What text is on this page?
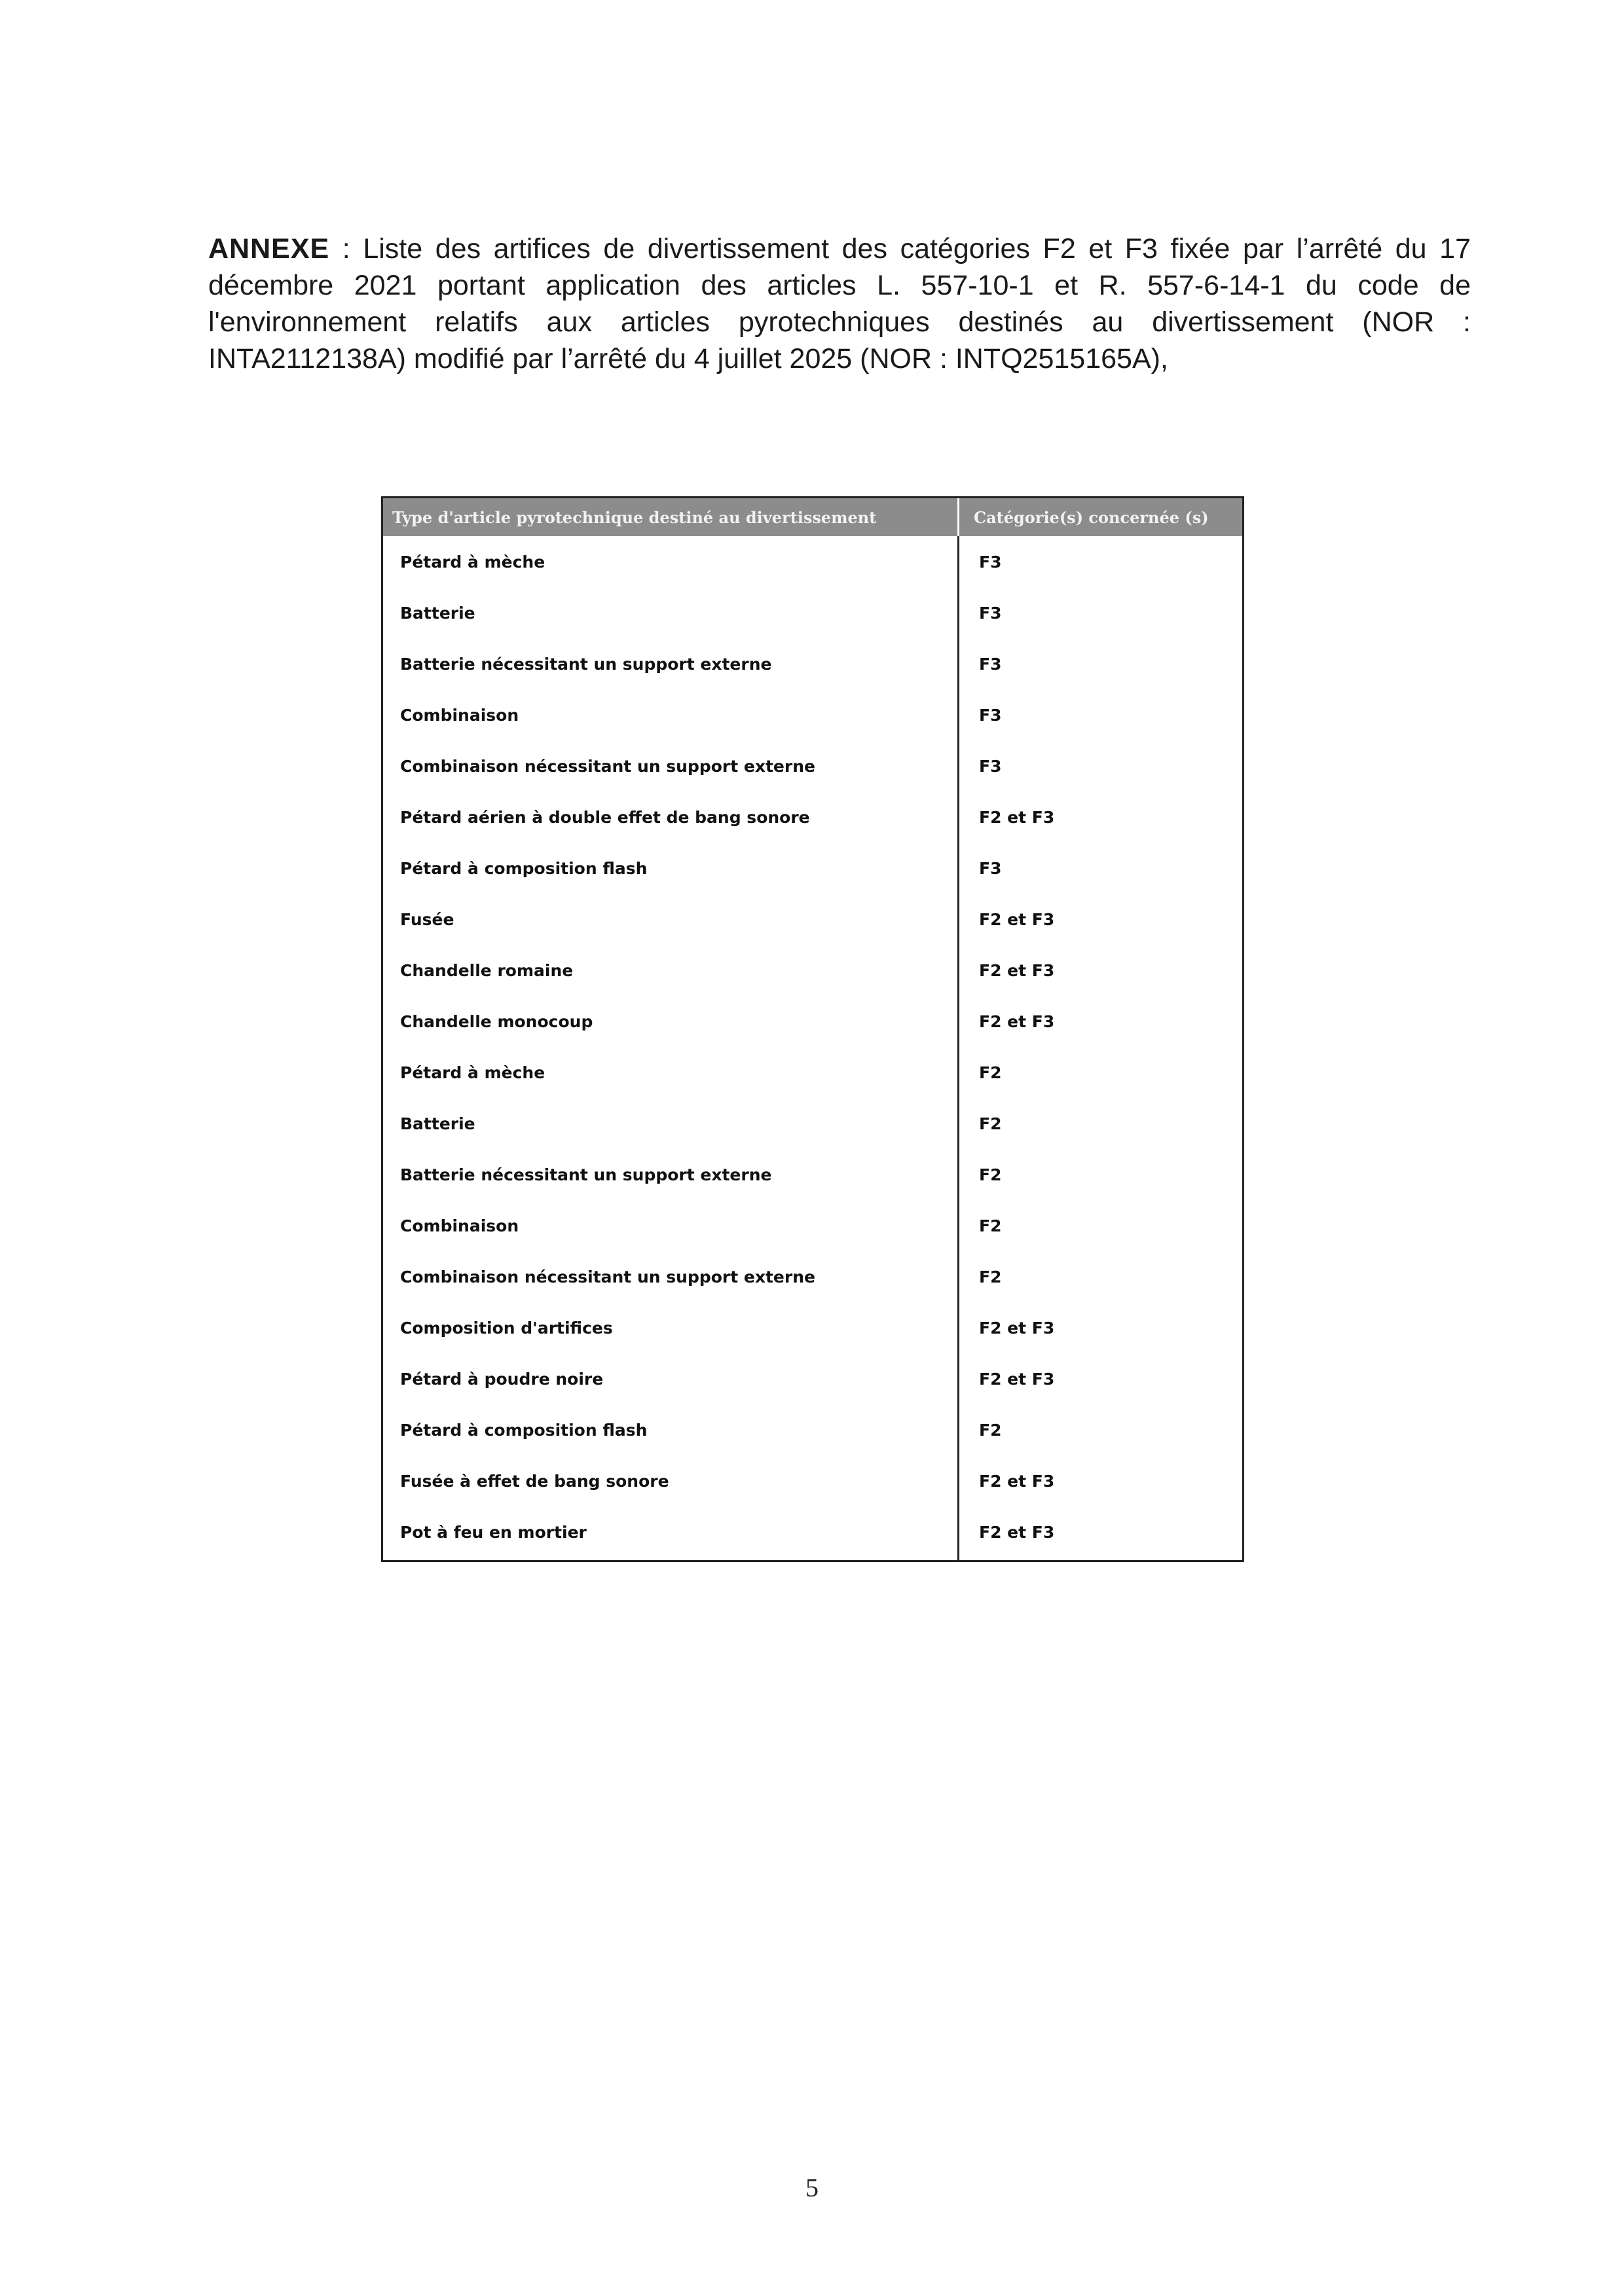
ANNEXE : Liste des artifices de divertissement des catégories F2 et F3 fixée par l’arrêté du 17 décembre 2021 portant application des articles L. 557-10-1 et R. 557-6-14-1 du code de l'environnement relatifs aux articles pyrotechniques destinés au divertissement (NOR : INTA2112138A) modifié par l’arrêté du 4 juillet 2025 (NOR : INTQ2515165A),
Type d'article pyrotechnique destiné au divertissement	Catégorie(s) concernée (s)
Pétard à mèche	F3
Batterie	F3
Batterie nécessitant un support externe	F3
Combinaison	F3
Combinaison nécessitant un support externe	F3
Pétard aérien à double effet de bang sonore	F2 et F3
Pétard à composition flash	F3
Fusée	F2 et F3
Chandelle romaine	F2 et F3
Chandelle monocoup	F2 et F3
Pétard à mèche	F2
Batterie	F2
Batterie nécessitant un support externe	F2
Combinaison	F2
Combinaison nécessitant un support externe	F2
Composition d'artifices	F2 et F3
Pétard à poudre noire	F2 et F3
Pétard à composition flash	F2
Fusée à effet de bang sonore	F2 et F3
Pot à feu en mortier	F2 et F3
5
